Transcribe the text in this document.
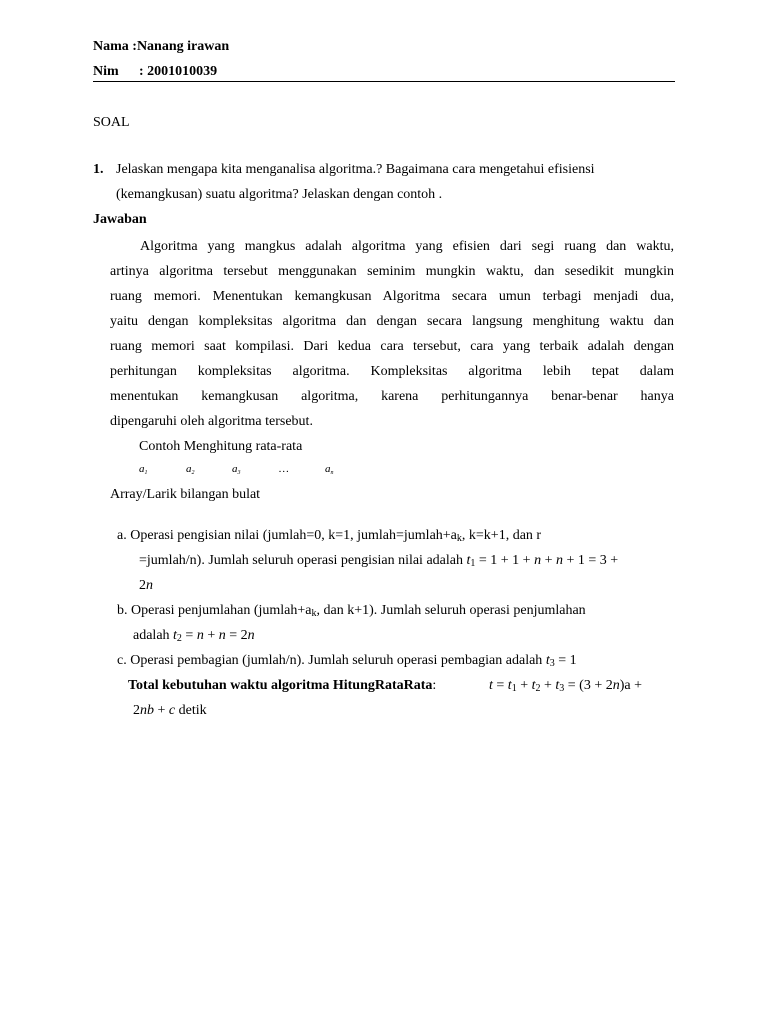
Nama :Nanang irawan
Nim : 2001010039
SOAL
1. Jelaskan mengapa kita menganalisa algoritma.? Bagaimana cara mengetahui efisiensi
(kemangkusan) suatu algoritma? Jelaskan dengan contoh .
Jawaban
Algoritma yang mangkus adalah algoritma yang efisien dari segi ruang dan waktu,
artinya algoritma tersebut menggunakan seminim mungkin waktu, dan sesedikit mungkin
ruang memori. Menentukan kemangkusan Algoritma secara umun terbagi menjadi dua,
yaitu dengan kompleksitas algoritma dan dengan secara langsung menghitung waktu dan
ruang memori saat kompilasi. Dari kedua cara tersebut, cara yang terbaik adalah dengan
perhitungan kompleksitas algoritma. Kompleksitas algoritma lebih tepat dalam
menentukan kemangkusan algoritma, karena perhitungannya benar-benar hanya
dipengaruhi oleh algoritma tersebut.
Contoh Menghitung rata-rata
$a_1$	$a_2$	$a_3$	…	$a_n$
Array/Larik bilangan bulat
a. Operasi pengisian nilai (jumlah=0, k=1, $jumlah=jumlah+a_k$, k=k+1, dan r
=jumlah/n). Jumlah seluruh operasi pengisian nilai adalah $t_1 = 1 + 1 + n + n + 1 = 3$ +
2n
b. Operasi penjumlahan ($jumlah+a_k$, dan k+1). Jumlah seluruh operasi penjumlahan
adalah $t_2 = n + n = 2n$
c. Operasi pembagian (jumlah/n). Jumlah seluruh operasi pembagian adalah $t_3 = 1$
Total kebutuhan waktu algoritma HitungRataRata:	$t = t_1 + t_2 + t_3 = (3 + 2n)a$ +
2nb + c detik
